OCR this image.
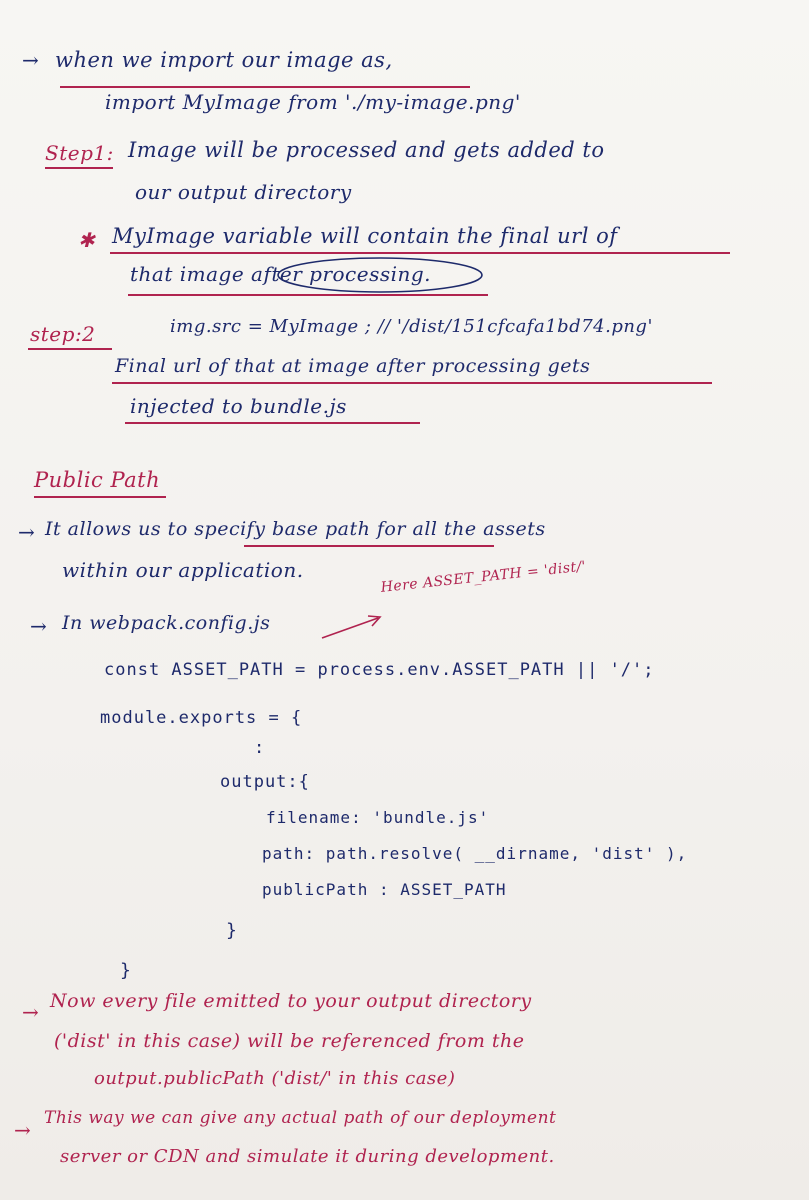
→ when we import our image as,
import MyImage from './my-image.png'
Step1: Image will be processed and gets added to
our output directory
✱ MyImage variable will contain the final url of
that image after processing.
step:2	img.src = MyImage ; // '/dist/151cfcafa1bd74.png'
Final url of that at image after processing gets
injected to bundle.js
Public Path
→ It allows us to specify base path for all the assets
within our application.
→ In webpack.config.js
Here ASSET_PATH = 'dist/'
const ASSET_PATH = process.env.ASSET_PATH || '/';
module.exports = {
:
output:{
filename: 'bundle.js'
path: path.resolve( __dirname, 'dist' ),
publicPath : ASSET_PATH
}
}
→ Now every file emitted to your output directory
('dist' in this case) will be referenced from the
output.publicPath ('dist/' in this case)
→ This way we can give any actual path of our deployment
server or CDN and simulate it during development.
